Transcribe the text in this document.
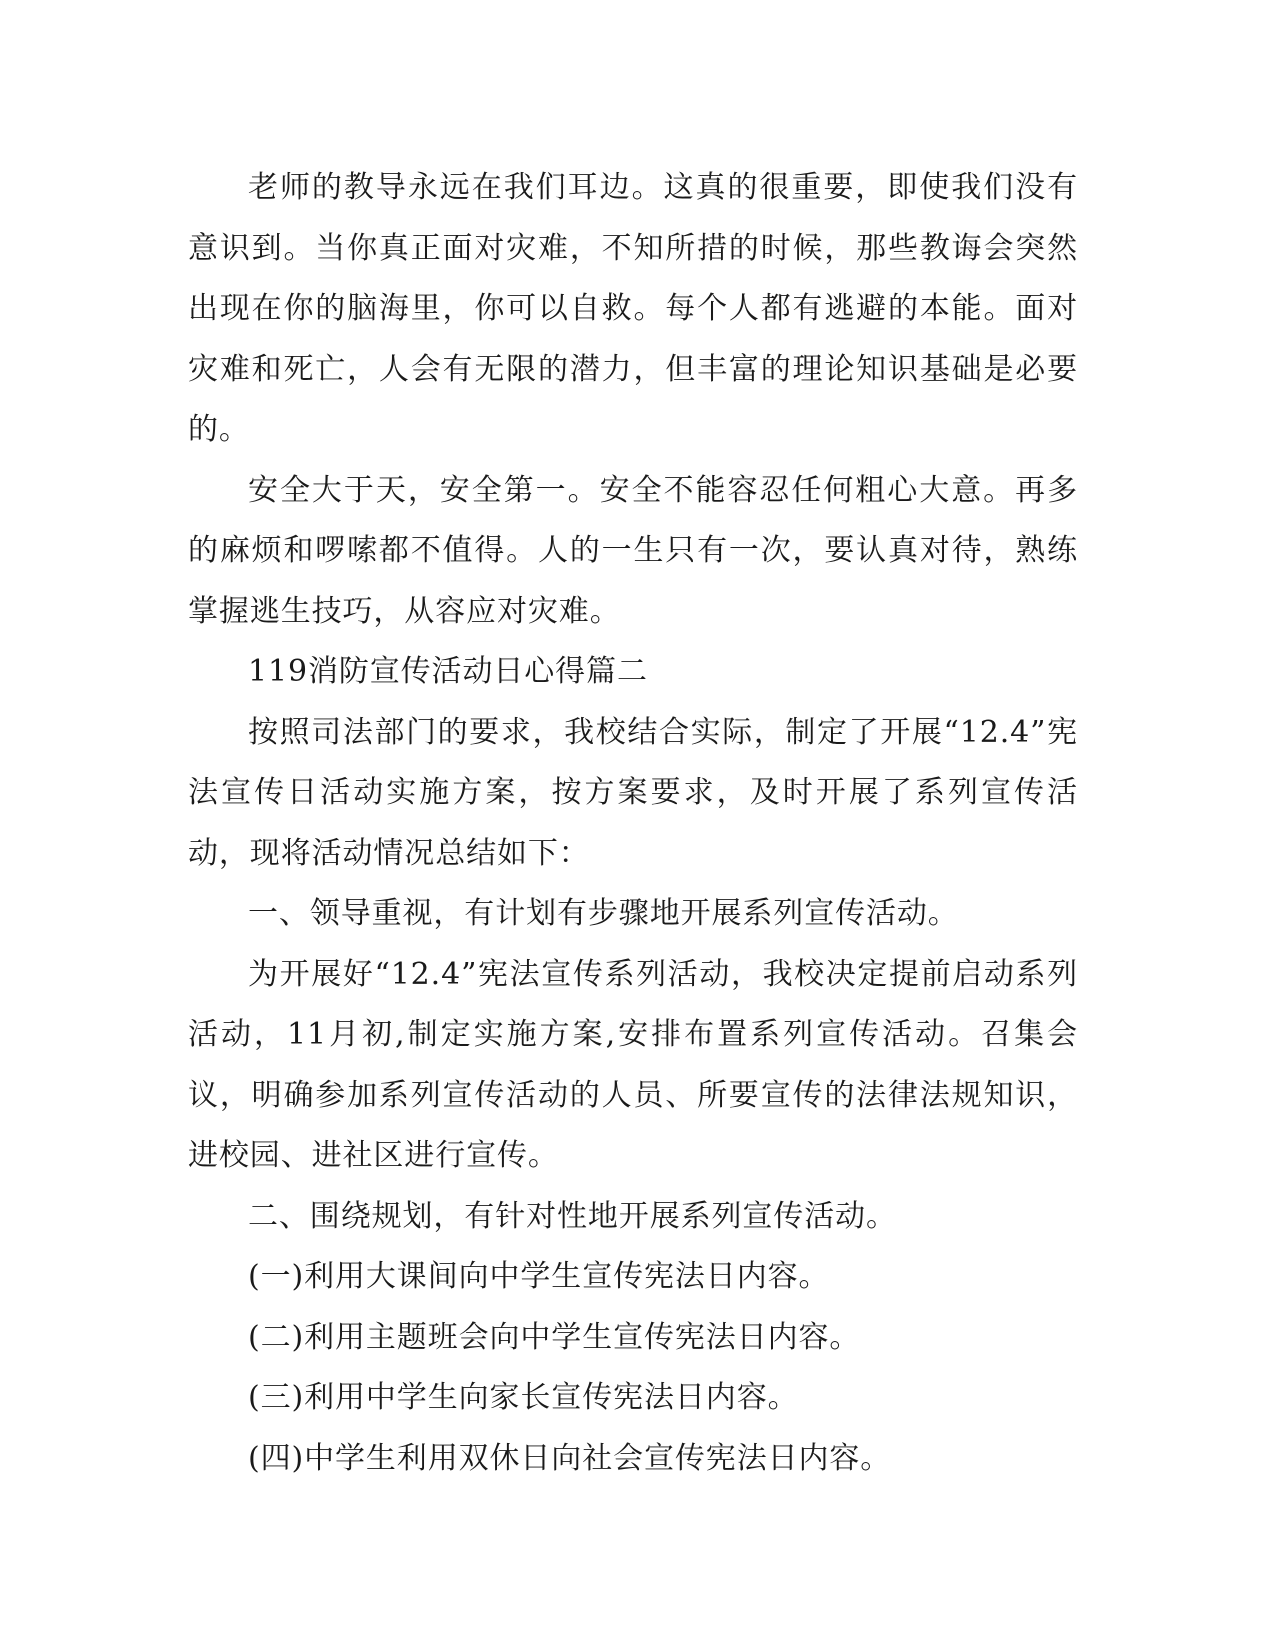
老师的教导永远在我们耳边。这真的很重要，即使我们没有意识到。当你真正面对灾难，不知所措的时候，那些教诲会突然出现在你的脑海里，你可以自救。每个人都有逃避的本能。面对灾难和死亡，人会有无限的潜力，但丰富的理论知识基础是必要的。

安全大于天，安全第一。安全不能容忍任何粗心大意。再多的麻烦和啰嗦都不值得。人的一生只有一次，要认真对待，熟练掌握逃生技巧，从容应对灾难。

119消防宣传活动日心得篇二

按照司法部门的要求，我校结合实际，制定了开展“12.4”宪法宣传日活动实施方案，按方案要求，及时开展了系列宣传活动，现将活动情况总结如下：

一、领导重视，有计划有步骤地开展系列宣传活动。

为开展好“12.4”宪法宣传系列活动，我校决定提前启动系列活动，11月初,制定实施方案,安排布置系列宣传活动。召集会议，明确参加系列宣传活动的人员、所要宣传的法律法规知识，进校园、进社区进行宣传。

二、围绕规划，有针对性地开展系列宣传活动。

(一)利用大课间向中学生宣传宪法日内容。

(二)利用主题班会向中学生宣传宪法日内容。

(三)利用中学生向家长宣传宪法日内容。

(四)中学生利用双休日向社会宣传宪法日内容。
